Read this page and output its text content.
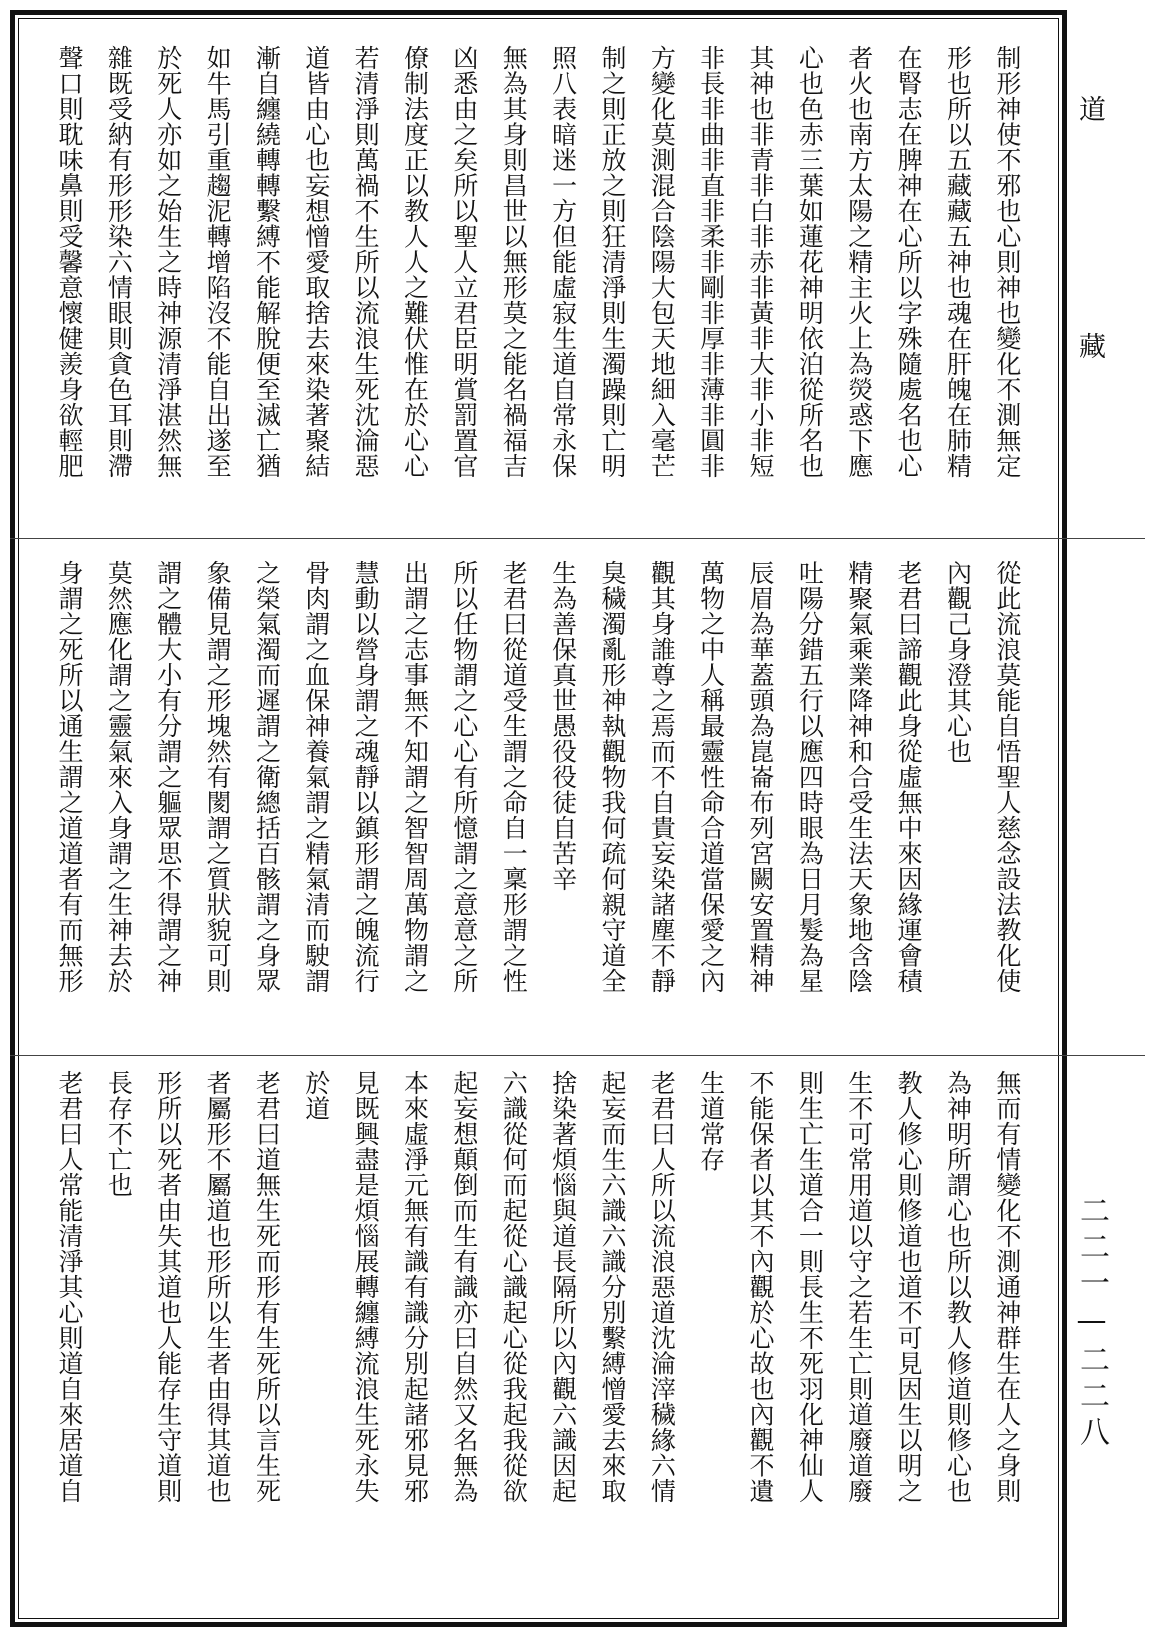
道藏
二二一—二二八
制形神使不邪也心則神也變化不測無定
形也所以五藏藏五神也魂在肝魄在肺精
在腎志在脾神在心所以字殊隨處名也心
者火也南方太陽之精主火上為熒惑下應
心也色赤三葉如蓮花神明依泊從所名也
其神也非青非白非赤非黃非大非小非短
非長非曲非直非柔非剛非厚非薄非圓非
方變化莫測混合陰陽大包天地細入毫芒
制之則正放之則狂清淨則生濁躁則亡明
照八表暗迷一方但能虛寂生道自常永保
無為其身則昌世以無形莫之能名禍福吉
凶悉由之矣所以聖人立君臣明賞罰置官
僚制法度正以教人人之難伏惟在於心心
若清淨則萬禍不生所以流浪生死沈淪惡
道皆由心也妄想憎愛取捨去來染著聚結
漸自纏繞轉轉繫縛不能解脫便至滅亡猶
如牛馬引重趨泥轉增陷沒不能自出遂至
於死人亦如之始生之時神源清淨湛然無
雜既受納有形形染六情眼則貪色耳則滯
聲口則耽味鼻則受馨意懷健羨身欲輕肥
從此流浪莫能自悟聖人慈念設法教化使
內觀己身澄其心也
老君曰諦觀此身從虛無中來因緣運會積
精聚氣乘業降神和合受生法天象地含陰
吐陽分錯五行以應四時眼為日月髮為星
辰眉為華蓋頭為崑崙布列宮闕安置精神
萬物之中人稱最靈性命合道當保愛之內
觀其身誰尊之焉而不自貴妄染諸塵不靜
臭穢濁亂形神執觀物我何疏何親守道全
生為善保真世愚役役徒自苦辛
老君曰從道受生謂之命自一稟形謂之性
所以任物謂之心心有所憶謂之意意之所
出謂之志事無不知謂之智智周萬物謂之
慧動以營身謂之魂靜以鎮形謂之魄流行
骨肉謂之血保神養氣謂之精氣清而駛謂
之榮氣濁而遲謂之衛總括百骸謂之身眾
象備見謂之形塊然有閡謂之質狀貌可則
謂之體大小有分謂之軀眾思不得謂之神
莫然應化謂之靈氣來入身謂之生神去於
身謂之死所以通生謂之道道者有而無形
無而有情變化不測通神群生在人之身則
為神明所謂心也所以教人修道則修心也
教人修心則修道也道不可見因生以明之
生不可常用道以守之若生亡則道廢道廢
則生亡生道合一則長生不死羽化神仙人
不能保者以其不內觀於心故也內觀不遺
生道常存
老君曰人所以流浪惡道沈淪滓穢緣六情
起妄而生六識六識分別繫縛憎愛去來取
捨染著煩惱與道長隔所以內觀六識因起
六識從何而起從心識起心從我起我從欲
起妄想顛倒而生有識亦曰自然又名無為
本來虛淨元無有識有識分別起諸邪見邪
見既興盡是煩惱展轉纏縛流浪生死永失
於道
老君曰道無生死而形有生死所以言生死
者屬形不屬道也形所以生者由得其道也
形所以死者由失其道也人能存生守道則
長存不亡也
老君曰人常能清淨其心則道自來居道自
